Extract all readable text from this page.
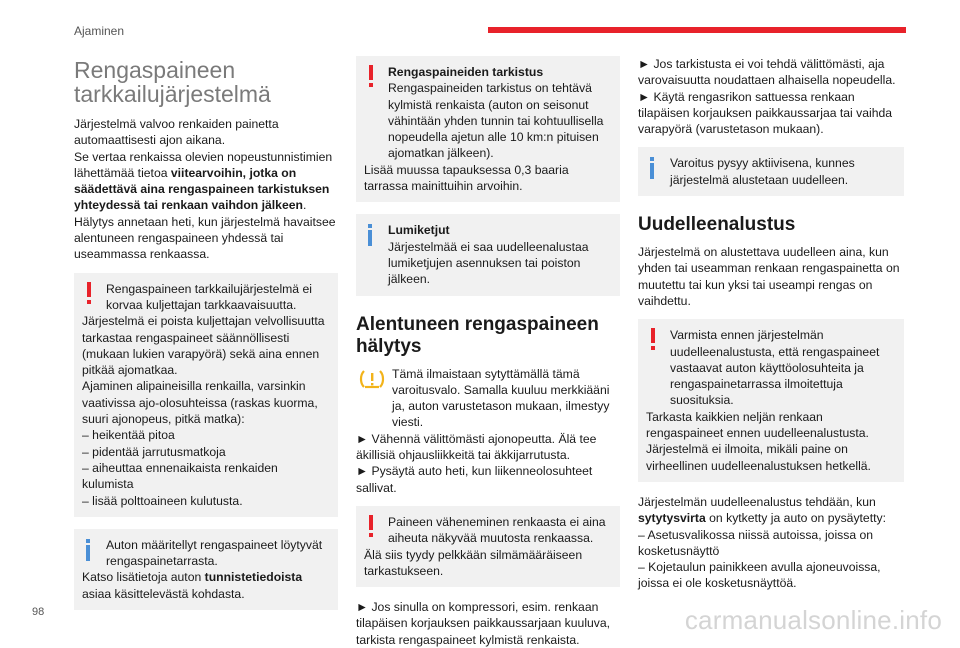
Ajaminen
Rengaspaineen tarkkailujärjestelmä

Järjestelmä valvoo renkaiden painetta automaattisesti ajon aikana.

Se vertaa renkaissa olevien nopeustunnistimien lähettämää tietoa viitearvoihin, jotka on säädettävä aina rengaspaineen tarkistuksen yhteydessä tai renkaan vaihdon jälkeen.

Hälytys annetaan heti, kun järjestelmä havaitsee alentuneen rengaspaineen yhdessä tai useammassa renkaassa.

Rengaspaineen tarkkailujärjestelmä ei korvaa kuljettajan tarkkaavaisuutta.

Järjestelmä ei poista kuljettajan velvollisuutta tarkastaa rengaspaineet säännöllisesti (mukaan lukien varapyörä) sekä aina ennen pitkää ajomatkaa.

Ajaminen alipaineisilla renkailla, varsinkin vaativissa ajo-olosuhteissa (raskas kuorma, suuri ajonopeus, pitkä matka):

– heikentää pitoa

– pidentää jarrutusmatkoja

– aiheuttaa ennenaikaista renkaiden kulumista

– lisää polttoaineen kulutusta.

Auton määritellyt rengaspaineet löytyvät rengaspainetarrasta.

Katso lisätietoja auton tunnistetiedoista asiaa käsittelevästä kohdasta.

Rengaspaineiden tarkistus

Rengaspaineiden tarkistus on tehtävä kylmistä renkaista (auton on seisonut vähintään yhden tunnin tai kohtuullisella nopeudella ajetun alle 10 km:n pituisen ajomatkan jälkeen).

Lisää muussa tapauksessa 0,3 baaria tarrassa mainittuihin arvoihin.

Lumiketjut

Järjestelmää ei saa uudelleenalustaa lumiketjujen asennuksen tai poiston jälkeen.

Alentuneen rengaspaineen hälytys

Tämä ilmaistaan sytyttämällä tämä varoitusvalo. Samalla kuuluu merkkiääni ja, auton varustetason mukaan, ilmestyy viesti.

► Vähennä välittömästi ajonopeutta. Älä tee äkillisiä ohjausliikkeitä tai äkkijarrutusta.

► Pysäytä auto heti, kun liikenneolosuhteet sallivat.

Paineen väheneminen renkaasta ei aina aiheuta näkyvää muutosta renkaassa.

Älä siis tyydy pelkkään silmämääräiseen tarkastukseen.

► Jos sinulla on kompressori, esim. renkaan tilapäisen korjauksen paikkaussarjaan kuuluva, tarkista rengaspaineet kylmistä renkaista.

► Jos tarkistusta ei voi tehdä välittömästi, aja varovaisuutta noudattaen alhaisella nopeudella.

► Käytä rengasrikon sattuessa renkaan tilapäisen korjauksen paikkaussarjaa tai vaihda varapyörä (varustetason mukaan).

Varoitus pysyy aktiivisena, kunnes järjestelmä alustetaan uudelleen.

Uudelleenalustus

Järjestelmä on alustettava uudelleen aina, kun yhden tai useamman renkaan rengaspainetta on muutettu tai kun yksi tai useampi rengas on vaihdettu.

Varmista ennen järjestelmän uudelleenalustusta, että rengaspaineet vastaavat auton käyttöolosuhteita ja rengaspainetarrassa ilmoitettuja suosituksia.

Tarkasta kaikkien neljän renkaan rengaspaineet ennen uudelleenalustusta.

Järjestelmä ei ilmoita, mikäli paine on virheellinen uudelleenalustuksen hetkellä.

Järjestelmän uudelleenalustus tehdään, kun sytytysvirta on kytketty ja auto on pysäytetty:

– Asetusvalikossa niissä autoissa, joissa on kosketusnäyttö

– Kojetaulun painikkeen avulla ajoneuvoissa, joissa ei ole kosketusnäyttöä.

98	carmanualsonline.info
